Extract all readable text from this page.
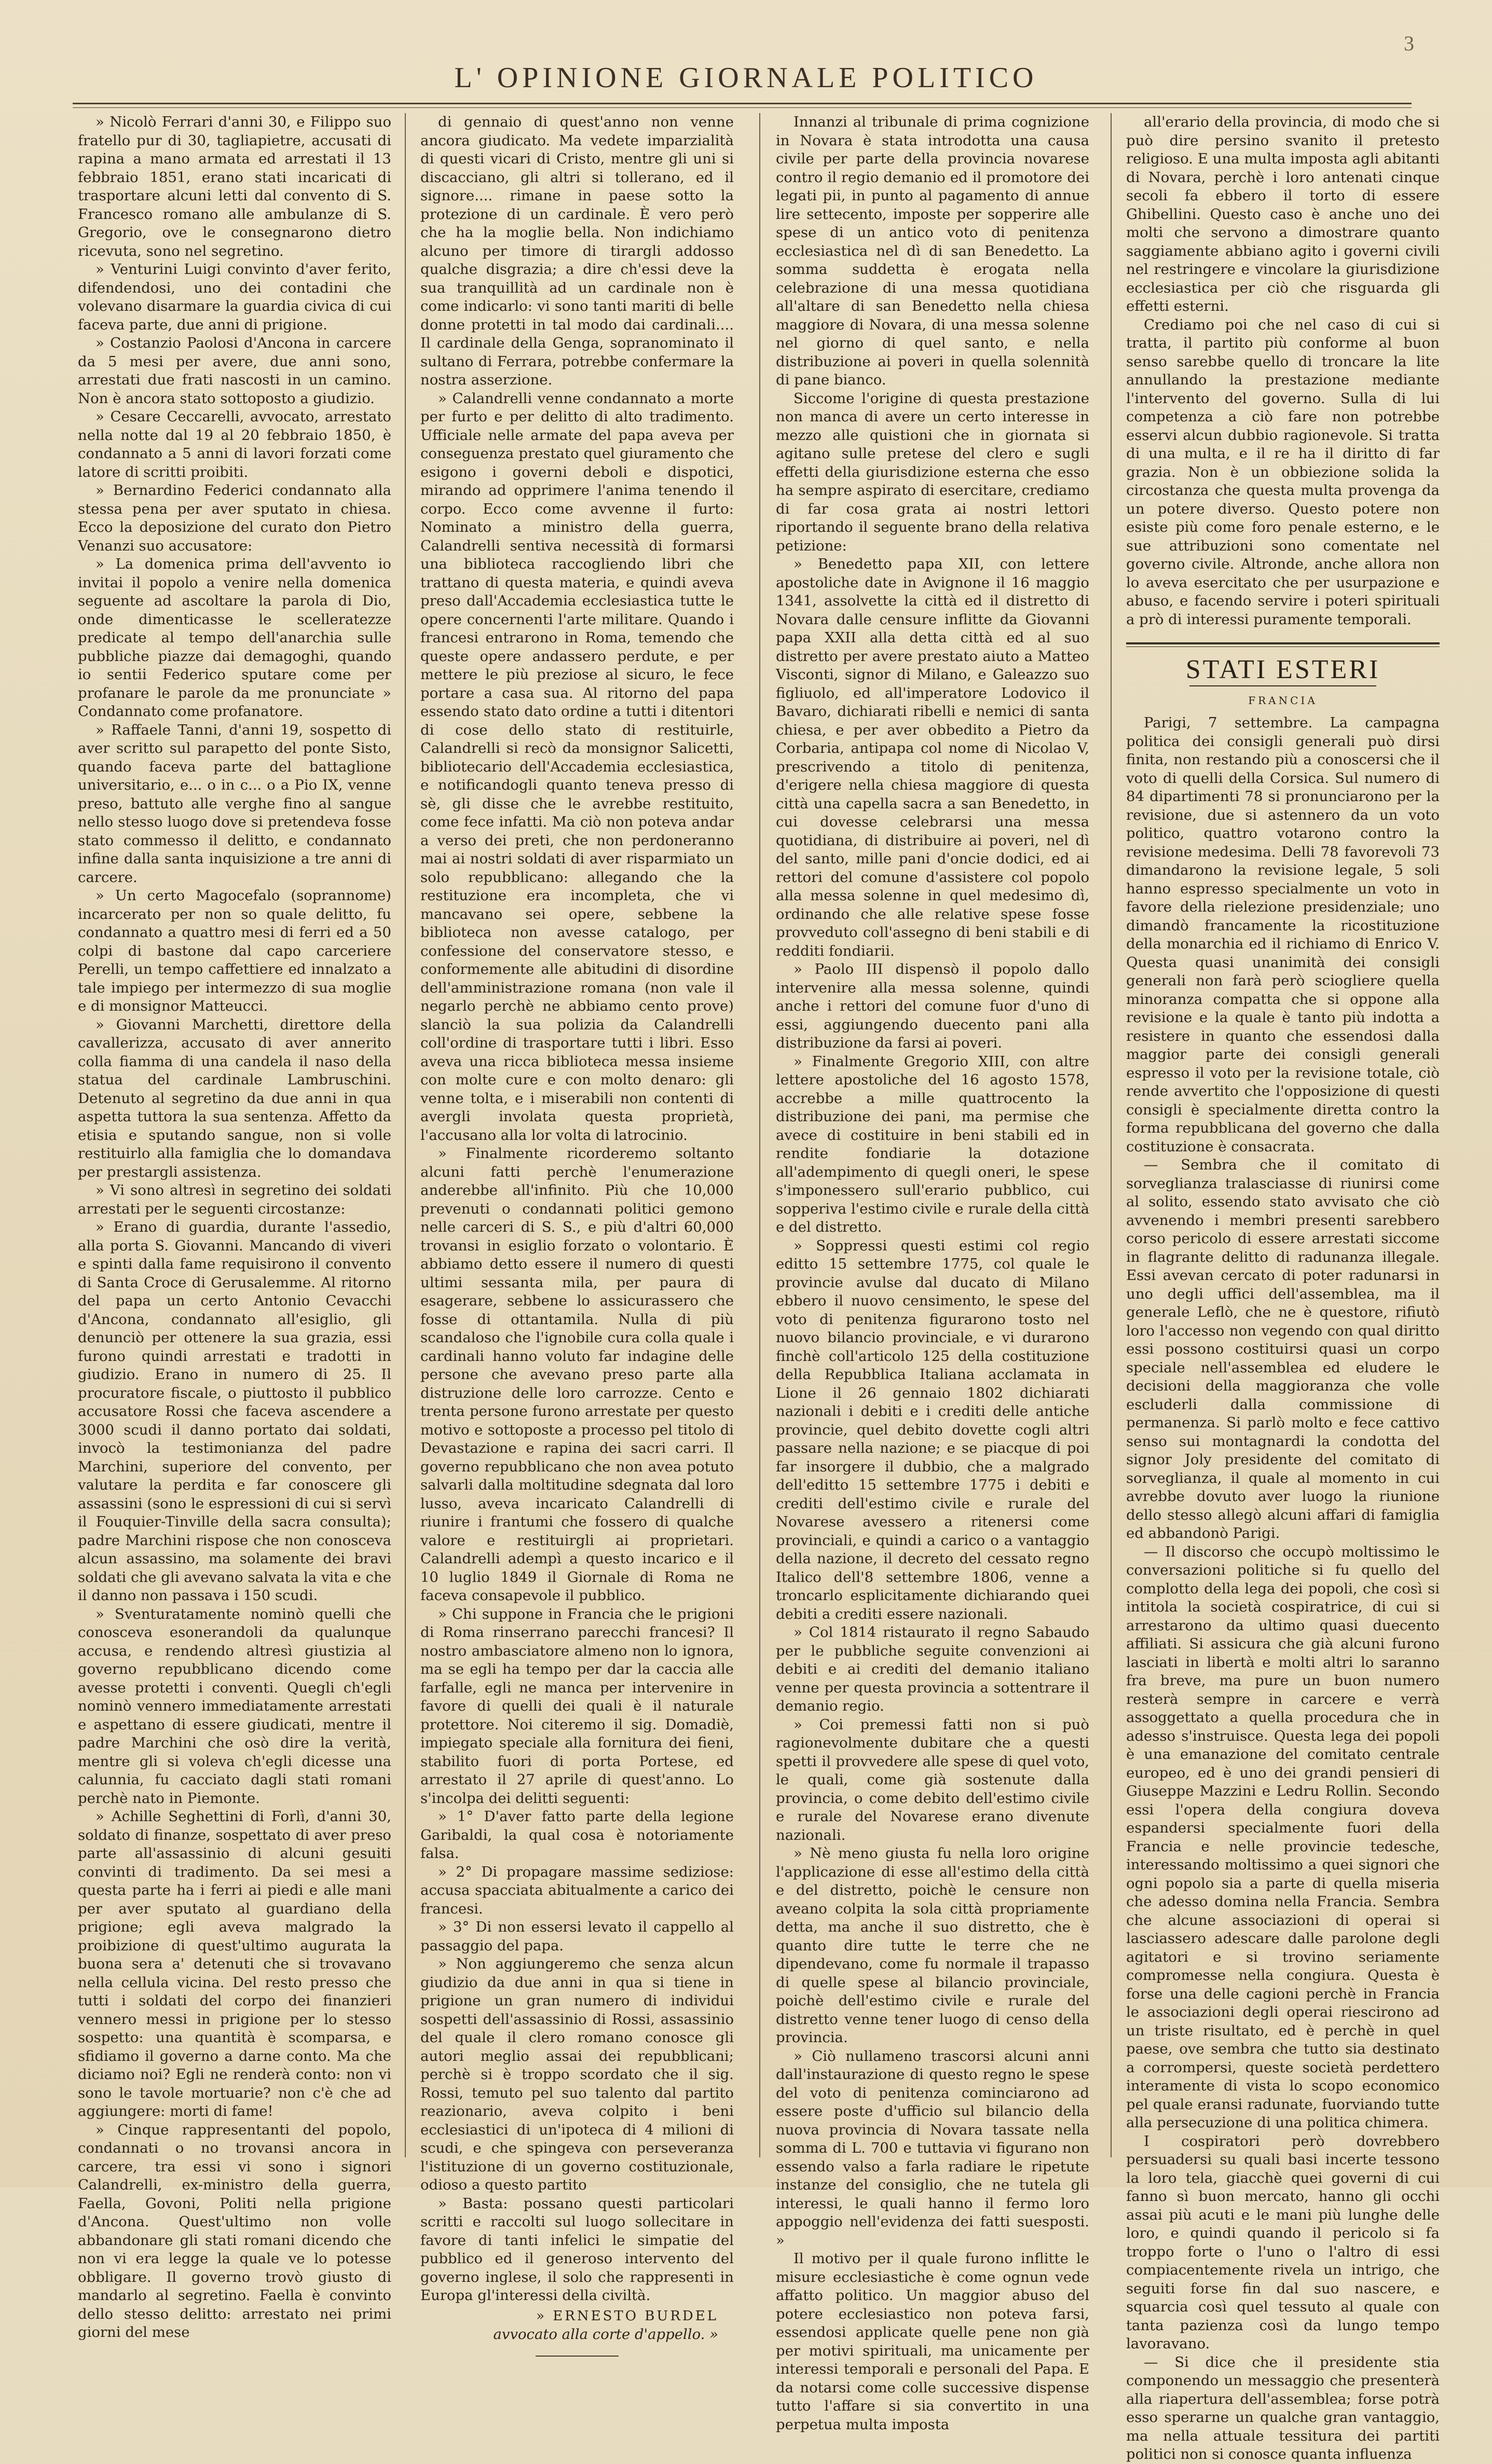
3
L' OPINIONE GIORNALE POLITICO

» Nicolò Ferrari d'anni 30, e Filippo suo fratello pur di 30, tagliapietre, accusati di rapina a mano armata ed arrestati il 13 febbraio 1851, erano stati incaricati di trasportare alcuni letti dal convento di S. Francesco romano alle ambulanze di S. Gregorio, ove le consegnarono dietro ricevuta, sono nel segretino.

» Venturini Luigi convinto d'aver ferito, difendendosi, uno dei contadini che volevano disarmare la guardia civica di cui faceva parte, due anni di prigione.

» Costanzio Paolosi d'Ancona in carcere da 5 mesi per avere, due anni sono, arrestati due frati nascosti in un camino. Non è ancora stato sottoposto a giudizio.

» Cesare Ceccarelli, avvocato, arrestato nella notte dal 19 al 20 febbraio 1850, è condannato a 5 anni di lavori forzati come latore di scritti proibiti.

» Bernardino Federici condannato alla stessa pena per aver sputato in chiesa. Ecco la deposizione del curato don Pietro Venanzi suo accusatore:

» La domenica prima dell'avvento io invitai il popolo a venire nella domenica seguente ad ascoltare la parola di Dio, onde dimenticasse le scelleratezze predicate al tempo dell'anarchia sulle pubbliche piazze dai demagoghi, quando io sentii Federico sputare come per profanare le parole da me pronunciate » Condannato come profanatore.

» Raffaele Tanni, d'anni 19, sospetto di aver scritto sul parapetto del ponte Sisto, quando faceva parte del battaglione universitario, e... o in c... o a Pio IX, venne preso, battuto alle verghe fino al sangue nello stesso luogo dove si pretendeva fosse stato commesso il delitto, e condannato infine dalla santa inquisizione a tre anni di carcere.

» Un certo Magocefalo (soprannome) incarcerato per non so quale delitto, fu condannato a quattro mesi di ferri ed a 50 colpi di bastone dal capo carceriere Perelli, un tempo caffettiere ed innalzato a tale impiego per intermezzo di sua moglie e di monsignor Matteucci.

» Giovanni Marchetti, direttore della cavallerizza, accusato di aver annerito colla fiamma di una candela il naso della statua del cardinale Lambruschini. Detenuto al segretino da due anni in qua aspetta tuttora la sua sentenza. Affetto da etisia e sputando sangue, non si volle restituirlo alla famiglia che lo domandava per prestargli assistenza.

» Vi sono altresì in segretino dei soldati arrestati per le seguenti circostanze:

» Erano di guardia, durante l'assedio, alla porta S. Giovanni. Mancando di viveri e spinti dalla fame requisirono il convento di Santa Croce di Gerusalemme. Al ritorno del papa un certo Antonio Cevacchi d'Ancona, condannato all'esiglio, gli denunciò per ottenere la sua grazia, essi furono quindi arrestati e tradotti in giudizio. Erano in numero di 25. Il procuratore fiscale, o piuttosto il pubblico accusatore Rossi che faceva ascendere a 3000 scudi il danno portato dai soldati, invocò la testimonianza del padre Marchini, superiore del convento, per valutare la perdita e far conoscere gli assassini (sono le espressioni di cui si servì il Fouquier-Tinville della sacra consulta); padre Marchini rispose che non conosceva alcun assassino, ma solamente dei bravi soldati che gli avevano salvata la vita e che il danno non passava i 150 scudi.

» Sventuratamente nominò quelli che conosceva esonerandoli da qualunque accusa, e rendendo altresì giustizia al governo repubblicano dicendo come avesse protetti i conventi. Quegli ch'egli nominò vennero immediatamente arrestati e aspettano di essere giudicati, mentre il padre Marchini che osò dire la verità, mentre gli si voleva ch'egli dicesse una calunnia, fu cacciato dagli stati romani perchè nato in Piemonte.

» Achille Seghettini di Forlì, d'anni 30, soldato di finanze, sospettato di aver preso parte all'assassinio di alcuni gesuiti convinti di tradimento. Da sei mesi a questa parte ha i ferri ai piedi e alle mani per aver sputato al guardiano della prigione; egli aveva malgrado la proibizione di quest'ultimo augurata la buona sera a' detenuti che si trovavano nella cellula vicina. Del resto presso che tutti i soldati del corpo dei finanzieri vennero messi in prigione per lo stesso sospetto: una quantità è scomparsa, e sfidiamo il governo a darne conto. Ma che diciamo noi? Egli ne renderà conto: non vi sono le tavole mortuarie? non c'è che ad aggiungere: morti di fame!

» Cinque rappresentanti del popolo, condannati o no trovansi ancora in carcere, tra essi vi sono i signori Calandrelli, ex-ministro della guerra, Faella, Govoni, Politi nella prigione d'Ancona. Quest'ultimo non volle abbandonare gli stati romani dicendo che non vi era legge la quale ve lo potesse obbligare. Il governo trovò giusto di mandarlo al segretino. Faella è convinto dello stesso delitto: arrestato nei primi giorni del mese

di gennaio di quest'anno non venne ancora giudicato. Ma vedete imparzialità di questi vicari di Cristo, mentre gli uni si discacciano, gli altri si tollerano, ed il signore.... rimane in paese sotto la protezione di un cardinale. È vero però che ha la moglie bella. Non indichiamo alcuno per timore di tirargli addosso qualche disgrazia; a dire ch'essi deve la sua tranquillità ad un cardinale non è come indicarlo: vi sono tanti mariti di belle donne protetti in tal modo dai cardinali.... Il cardinale della Genga, sopranominato il sultano di Ferrara, potrebbe confermare la nostra asserzione.

» Calandrelli venne condannato a morte per furto e per delitto di alto tradimento. Ufficiale nelle armate del papa aveva per conseguenza prestato quel giuramento che esigono i governi deboli e dispotici, mirando ad opprimere l'anima tenendo il corpo. Ecco come avvenne il furto: Nominato a ministro della guerra, Calandrelli sentiva necessità di formarsi una biblioteca raccogliendo libri che trattano di questa materia, e quindi aveva preso dall'Accademia ecclesiastica tutte le opere concernenti l'arte militare. Quando i francesi entrarono in Roma, temendo che queste opere andassero perdute, e per mettere le più preziose al sicuro, le fece portare a casa sua. Al ritorno del papa essendo stato dato ordine a tutti i ditentori di cose dello stato di restituirle, Calandrelli si recò da monsignor Salicetti, bibliotecario dell'Accademia ecclesiastica, e notificandogli quanto teneva presso di sè, gli disse che le avrebbe restituito, come fece infatti. Ma ciò non poteva andar a verso dei preti, che non perdoneranno mai ai nostri soldati di aver risparmiato un solo repubblicano: allegando che la restituzione era incompleta, che vi mancavano sei opere, sebbene la biblioteca non avesse catalogo, per confessione del conservatore stesso, e conformemente alle abitudini di disordine dell'amministrazione romana (non vale il negarlo perchè ne abbiamo cento prove) slanciò la sua polizia da Calandrelli coll'ordine di trasportare tutti i libri. Esso aveva una ricca biblioteca messa insieme con molte cure e con molto denaro: gli venne tolta, e i miserabili non contenti di avergli involata questa proprietà, l'accusano alla lor volta di latrocinio.

» Finalmente ricorderemo soltanto alcuni fatti perchè l'enumerazione anderebbe all'infinito. Più che 10,000 prevenuti o condannati politici gemono nelle carceri di S. S., e più d'altri 60,000 trovansi in esiglio forzato o volontario. È abbiamo detto essere il numero di questi ultimi sessanta mila, per paura di esagerare, sebbene lo assicurassero che fosse di ottantamila. Nulla di più scandaloso che l'ignobile cura colla quale i cardinali hanno voluto far indagine delle persone che avevano preso parte alla distruzione delle loro carrozze. Cento e trenta persone furono arrestate per questo motivo e sottoposte a processo pel titolo di Devastazione e rapina dei sacri carri. Il governo repubblicano che non avea potuto salvarli dalla moltitudine sdegnata dal loro lusso, aveva incaricato Calandrelli di riunire i frantumi che fossero di qualche valore e restituirgli ai proprietari. Calandrelli adempì a questo incarico e il 10 luglio 1849 il Giornale di Roma ne faceva consapevole il pubblico.

» Chi suppone in Francia che le prigioni di Roma rinserrano parecchi francesi? Il nostro ambasciatore almeno non lo ignora, ma se egli ha tempo per dar la caccia alle farfalle, egli ne manca per intervenire in favore di quelli dei quali è il naturale protettore. Noi citeremo il sig. Domadiè, impiegato speciale alla fornitura dei fieni, stabilito fuori di porta Portese, ed arrestato il 27 aprile di quest'anno. Lo s'incolpa dei delitti seguenti:

» 1° D'aver fatto parte della legione Garibaldi, la qual cosa è notoriamente falsa.

» 2° Di propagare massime sediziose: accusa spacciata abitualmente a carico dei francesi.

» 3° Di non essersi levato il cappello al passaggio del papa.

» Non aggiungeremo che senza alcun giudizio da due anni in qua si tiene in prigione un gran numero di individui sospetti dell'assassinio di Rossi, assassinio del quale il clero romano conosce gli autori meglio assai dei repubblicani; perchè si è troppo scordato che il sig. Rossi, temuto pel suo talento dal partito reazionario, aveva colpito i beni ecclesiastici di un'ipoteca di 4 milioni di scudi, e che spingeva con perseveranza l'istituzione di un governo costituzionale, odioso a questo partito

» Basta: possano questi particolari scritti e raccolti sul luogo sollecitare in favore di tanti infelici le simpatie del pubblico ed il generoso intervento del governo inglese, il solo che rappresenti in Europa gl'interessi della civiltà.

» ERNESTO BURDEL
avvocato alla corte d'appello. »

Innanzi al tribunale di prima cognizione in Novara è stata introdotta una causa civile per parte della provincia novarese contro il regio demanio ed il promotore dei legati pii, in punto al pagamento di annue lire settecento, imposte per sopperire alle spese di un antico voto di penitenza ecclesiastica nel dì di san Benedetto. La somma suddetta è erogata nella celebrazione di una messa quotidiana all'altare di san Benedetto nella chiesa maggiore di Novara, di una messa solenne nel giorno di quel santo, e nella distribuzione ai poveri in quella solennità di pane bianco.

Siccome l'origine di questa prestazione non manca di avere un certo interesse in mezzo alle quistioni che in giornata si agitano sulle pretese del clero e sugli effetti della giurisdizione esterna che esso ha sempre aspirato di esercitare, crediamo di far cosa grata ai nostri lettori riportando il seguente brano della relativa petizione:

» Benedetto papa XII, con lettere apostoliche date in Avignone il 16 maggio 1341, assolvette la città ed il distretto di Novara dalle censure inflitte da Giovanni papa XXII alla detta città ed al suo distretto per avere prestato aiuto a Matteo Visconti, signor di Milano, e Galeazzo suo figliuolo, ed all'imperatore Lodovico il Bavaro, dichiarati ribelli e nemici di santa chiesa, e per aver obbedito a Pietro da Corbaria, antipapa col nome di Nicolao V, prescrivendo a titolo di penitenza, d'erigere nella chiesa maggiore di questa città una capella sacra a san Benedetto, in cui dovesse celebrarsi una messa quotidiana, di distribuire ai poveri, nel dì del santo, mille pani d'oncie dodici, ed ai rettori del comune d'assistere col popolo alla messa solenne in quel medesimo dì, ordinando che alle relative spese fosse provveduto coll'assegno di beni stabili e di redditi fondiarii.

» Paolo III dispensò il popolo dallo intervenire alla messa solenne, quindi anche i rettori del comune fuor d'uno di essi, aggiungendo duecento pani alla distribuzione da farsi ai poveri.

» Finalmente Gregorio XIII, con altre lettere apostoliche del 16 agosto 1578, accrebbe a mille quattrocento la distribuzione dei pani, ma permise che avece di costituire in beni stabili ed in rendite fondiarie la dotazione all'adempimento di quegli oneri, le spese s'imponessero sull'erario pubblico, cui sopperiva l'estimo civile e rurale della città e del distretto.

» Soppressi questi estimi col regio editto 15 settembre 1775, col quale le provincie avulse dal ducato di Milano ebbero il nuovo censimento, le spese del voto di penitenza figurarono tosto nel nuovo bilancio provinciale, e vi durarono finchè coll'articolo 125 della costituzione della Repubblica Italiana acclamata in Lione il 26 gennaio 1802 dichiarati nazionali i debiti e i crediti delle antiche provincie, quel debito dovette cogli altri passare nella nazione; e se piacque di poi far insorgere il dubbio, che a malgrado dell'editto 15 settembre 1775 i debiti e crediti dell'estimo civile e rurale del Novarese avessero a ritenersi come provinciali, e quindi a carico o a vantaggio della nazione, il decreto del cessato regno Italico dell'8 settembre 1806, venne a troncarlo esplicitamente dichiarando quei debiti a crediti essere nazionali.

» Col 1814 ristaurato il regno Sabaudo per le pubbliche seguite convenzioni ai debiti e ai crediti del demanio italiano venne per questa provincia a sottentrare il demanio regio.

» Coi premessi fatti non si può ragionevolmente dubitare che a questi spetti il provvedere alle spese di quel voto, le quali, come già sostenute dalla provincia, o come debito dell'estimo civile e rurale del Novarese erano divenute nazionali.

» Nè meno giusta fu nella loro origine l'applicazione di esse all'estimo della città e del distretto, poichè le censure non aveano colpita la sola città propriamente detta, ma anche il suo distretto, che è quanto dire tutte le terre che ne dipendevano, come fu normale il trapasso di quelle spese al bilancio provinciale, poichè dell'estimo civile e rurale del distretto venne tener luogo di censo della provincia.

» Ciò nullameno trascorsi alcuni anni dall'instaurazione di questo regno le spese del voto di penitenza cominciarono ad essere poste d'ufficio sul bilancio della nuova provincia di Novara tassate nella somma di L. 700 e tuttavia vi figurano non essendo valso a farla radiare le ripetute instanze del consiglio, che ne tutela gli interessi, le quali hanno il fermo loro appoggio nell'evidenza dei fatti suesposti. »

Il motivo per il quale furono inflitte le misure ecclesiastiche è come ognun vede affatto politico. Un maggior abuso del potere ecclesiastico non poteva farsi, essendosi applicate quelle pene non già per motivi spirituali, ma unicamente per interessi temporali e personali del Papa. E da notarsi come colle successive dispense tutto l'affare si sia convertito in una perpetua multa imposta

all'erario della provincia, di modo che si può dire persino svanito il pretesto religioso. E una multa imposta agli abitanti di Novara, perchè i loro antenati cinque secoli fa ebbero il torto di essere Ghibellini. Questo caso è anche uno dei molti che servono a dimostrare quanto saggiamente abbiano agito i governi civili nel restringere e vincolare la giurisdizione ecclesiastica per ciò che risguarda gli effetti esterni.

Crediamo poi che nel caso di cui si tratta, il partito più conforme al buon senso sarebbe quello di troncare la lite annullando la prestazione mediante l'intervento del governo. Sulla di lui competenza a ciò fare non potrebbe esservi alcun dubbio ragionevole. Si tratta di una multa, e il re ha il diritto di far grazia. Non è un obbiezione solida la circostanza che questa multa provenga da un potere diverso. Questo potere non esiste più come foro penale esterno, e le sue attribuzioni sono comentate nel governo civile. Altronde, anche allora non lo aveva esercitato che per usurpazione e abuso, e facendo servire i poteri spirituali a prò di interessi puramente temporali.

STATI ESTERI
FRANCIA

Parigi, 7 settembre. La campagna politica dei consigli generali può dirsi finita, non restando più a conoscersi che il voto di quelli della Corsica. Sul numero di 84 dipartimenti 78 si pronunciarono per la revisione, due si astennero da un voto politico, quattro votarono contro la revisione medesima. Delli 78 favorevoli 73 dimandarono la revisione legale, 5 soli hanno espresso specialmente un voto in favore della rielezione presidenziale; uno dimandò francamente la ricostituzione della monarchia ed il richiamo di Enrico V. Questa quasi unanimità dei consigli generali non farà però sciogliere quella minoranza compatta che si oppone alla revisione e la quale è tanto più indotta a resistere in quanto che essendosi dalla maggior parte dei consigli generali espresso il voto per la revisione totale, ciò rende avvertito che l'opposizione di questi consigli è specialmente diretta contro la forma repubblicana del governo che dalla costituzione è consacrata.

— Sembra che il comitato di sorveglianza tralasciasse di riunirsi come al solito, essendo stato avvisato che ciò avvenendo i membri presenti sarebbero corso pericolo di essere arrestati siccome in flagrante delitto di radunanza illegale. Essi avevan cercato di poter radunarsi in uno degli uffici dell'assemblea, ma il generale Leflò, che ne è questore, rifiutò loro l'accesso non vegendo con qual diritto essi possono costituirsi quasi un corpo speciale nell'assemblea ed eludere le decisioni della maggioranza che volle escluderli dalla commissione di permanenza. Si parlò molto e fece cattivo senso sui montagnardi la condotta del signor Joly presidente del comitato di sorveglianza, il quale al momento in cui avrebbe dovuto aver luogo la riunione dello stesso allegò alcuni affari di famiglia ed abbandonò Parigi.

— Il discorso che occupò moltissimo le conversazioni politiche si fu quello del complotto della lega dei popoli, che così si intitola la società cospiratrice, di cui si arrestarono da ultimo quasi duecento affiliati. Si assicura che già alcuni furono lasciati in libertà e molti altri lo saranno fra breve, ma pure un buon numero resterà sempre in carcere e verrà assoggettato a quella procedura che in adesso s'instruisce. Questa lega dei popoli è una emanazione del comitato centrale europeo, ed è uno dei grandi pensieri di Giuseppe Mazzini e Ledru Rollin. Secondo essi l'opera della congiura doveva espandersi specialmente fuori della Francia e nelle provincie tedesche, interessando moltissimo a quei signori che ogni popolo sia a parte di quella miseria che adesso domina nella Francia. Sembra che alcune associazioni di operai si lasciassero adescare dalle parolone degli agitatori e si trovino seriamente compromesse nella congiura. Questa è forse una delle cagioni perchè in Francia le associazioni degli operai riescirono ad un triste risultato, ed è perchè in quel paese, ove sembra che tutto sia destinato a corrompersi, queste società perdettero interamente di vista lo scopo economico pel quale eransi radunate, fuorviando tutte alla persecuzione di una politica chimera.

I cospiratori però dovrebbero persuadersi su quali basi incerte tessono la loro tela, giacchè quei governi di cui fanno sì buon mercato, hanno gli occhi assai più acuti e le mani più lunghe delle loro, e quindi quando il pericolo si fa troppo forte o l'uno o l'altro di essi compiacentemente rivela un intrigo, che seguiti forse fin dal suo nascere, e squarcia così quel tessuto al quale con tanta pazienza così da lungo tempo lavoravano.

— Si dice che il presidente stia componendo un messaggio che presenterà alla riapertura dell'assemblea; forse potrà esso sperarne un qualche gran vantaggio, ma nella attuale tessitura dei partiti politici non si conosce quanta influenza
